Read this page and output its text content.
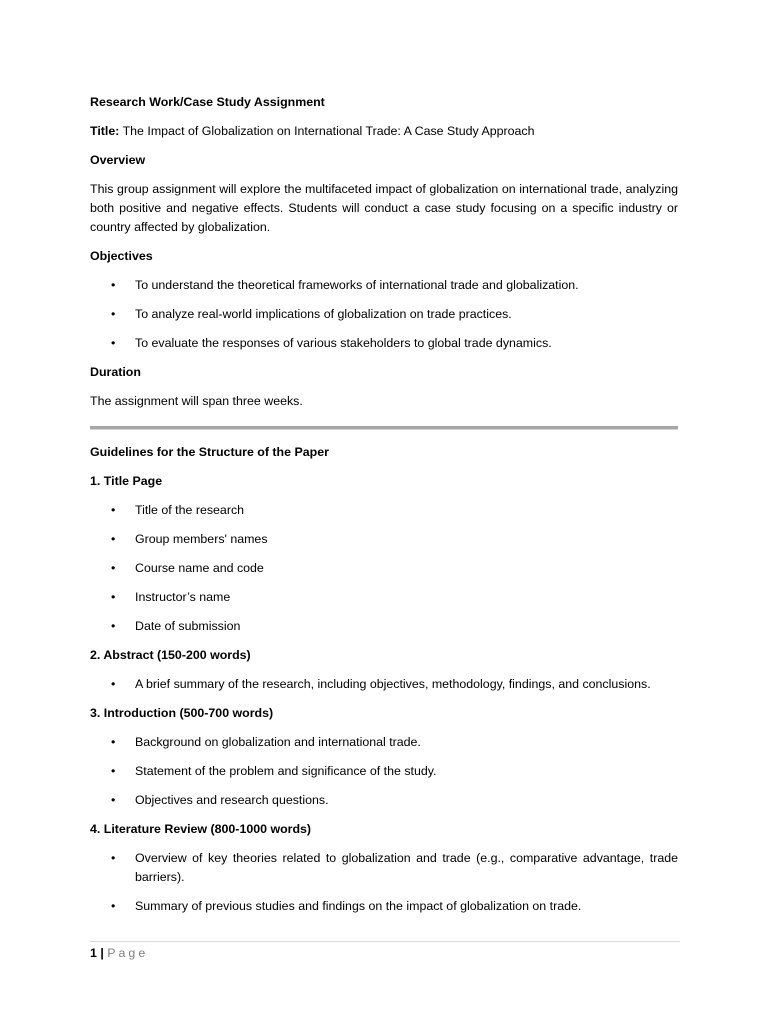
Research Work/Case Study Assignment
Title: The Impact of Globalization on International Trade: A Case Study Approach
Overview
This group assignment will explore the multifaceted impact of globalization on international trade, analyzing both positive and negative effects. Students will conduct a case study focusing on a specific industry or country affected by globalization.
Objectives
• To understand the theoretical frameworks of international trade and globalization.
• To analyze real-world implications of globalization on trade practices.
• To evaluate the responses of various stakeholders to global trade dynamics.
Duration
The assignment will span three weeks.
Guidelines for the Structure of the Paper
1. Title Page
• Title of the research
• Group members' names
• Course name and code
• Instructor’s name
• Date of submission
2. Abstract (150-200 words)
• A brief summary of the research, including objectives, methodology, findings, and conclusions.
3. Introduction (500-700 words)
• Background on globalization and international trade.
• Statement of the problem and significance of the study.
• Objectives and research questions.
4. Literature Review (800-1000 words)
• Overview of key theories related to globalization and trade (e.g., comparative advantage, trade barriers).
• Summary of previous studies and findings on the impact of globalization on trade.
1 | Page
